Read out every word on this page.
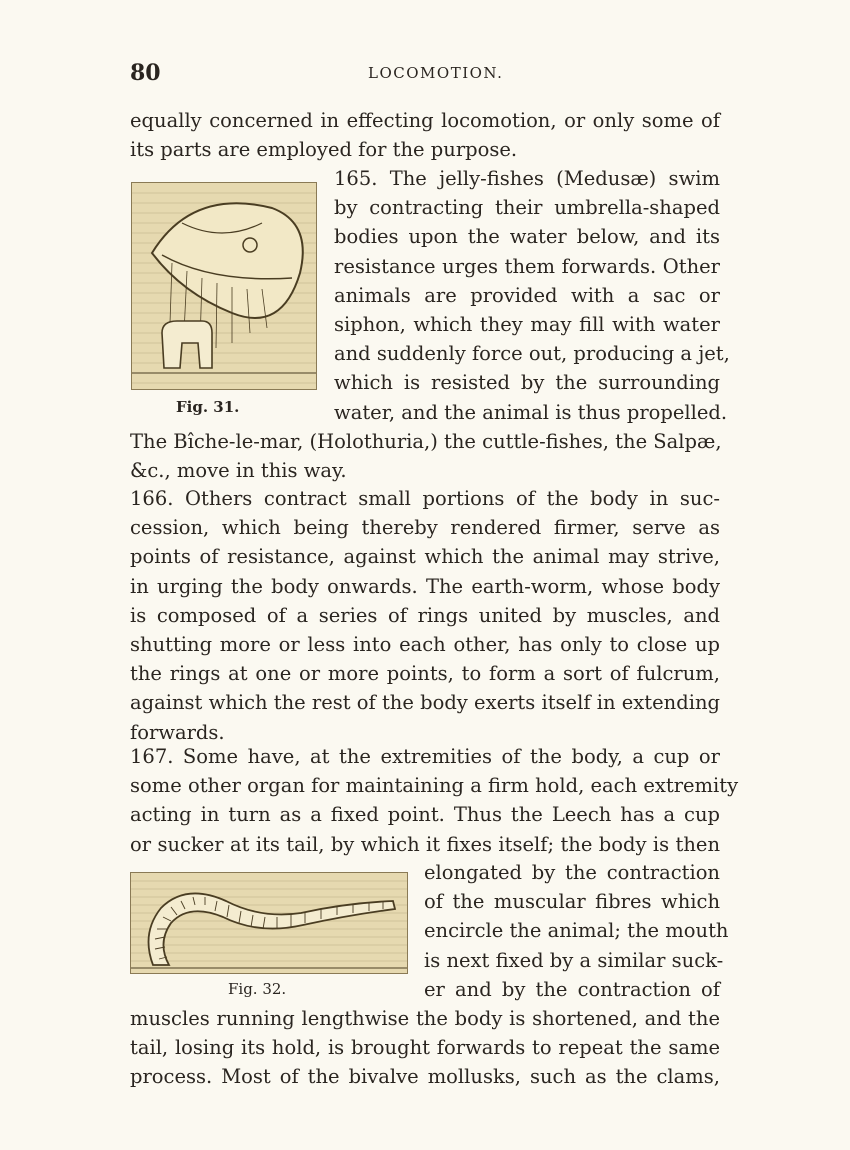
80	LOCOMOTION.
equally concerned in effecting locomotion, or only some of
its parts are employed for the purpose.
Fig. 31.
165. The jelly-fishes (Medusæ) swim
by contracting their umbrella-shaped
bodies upon the water below, and its
resistance urges them forwards. Other
animals are provided with a sac or
siphon, which they may fill with water
and suddenly force out, producing a jet,
which is resisted by the surrounding
water, and the animal is thus propelled.
The Bîche-le-mar, (Holothuria,) the cuttle-fishes, the Salpæ,
&c., move in this way.
166. Others contract small portions of the body in suc-
cession, which being thereby rendered firmer, serve as
points of resistance, against which the animal may strive,
in urging the body onwards. The earth-worm, whose body
is composed of a series of rings united by muscles, and
shutting more or less into each other, has only to close up
the rings at one or more points, to form a sort of fulcrum,
against which the rest of the body exerts itself in extending
forwards.
167. Some have, at the extremities of the body, a cup or
some other organ for maintaining a firm hold, each extremity
acting in turn as a fixed point. Thus the Leech has a cup
or sucker at its tail, by which it fixes itself; the body is then
Fig. 32.
elongated by the contraction
of the muscular fibres which
encircle the animal; the mouth
is next fixed by a similar suck-
er and by the contraction of
muscles running lengthwise the body is shortened, and the
tail, losing its hold, is brought forwards to repeat the same
process. Most of the bivalve mollusks, such as the clams,
